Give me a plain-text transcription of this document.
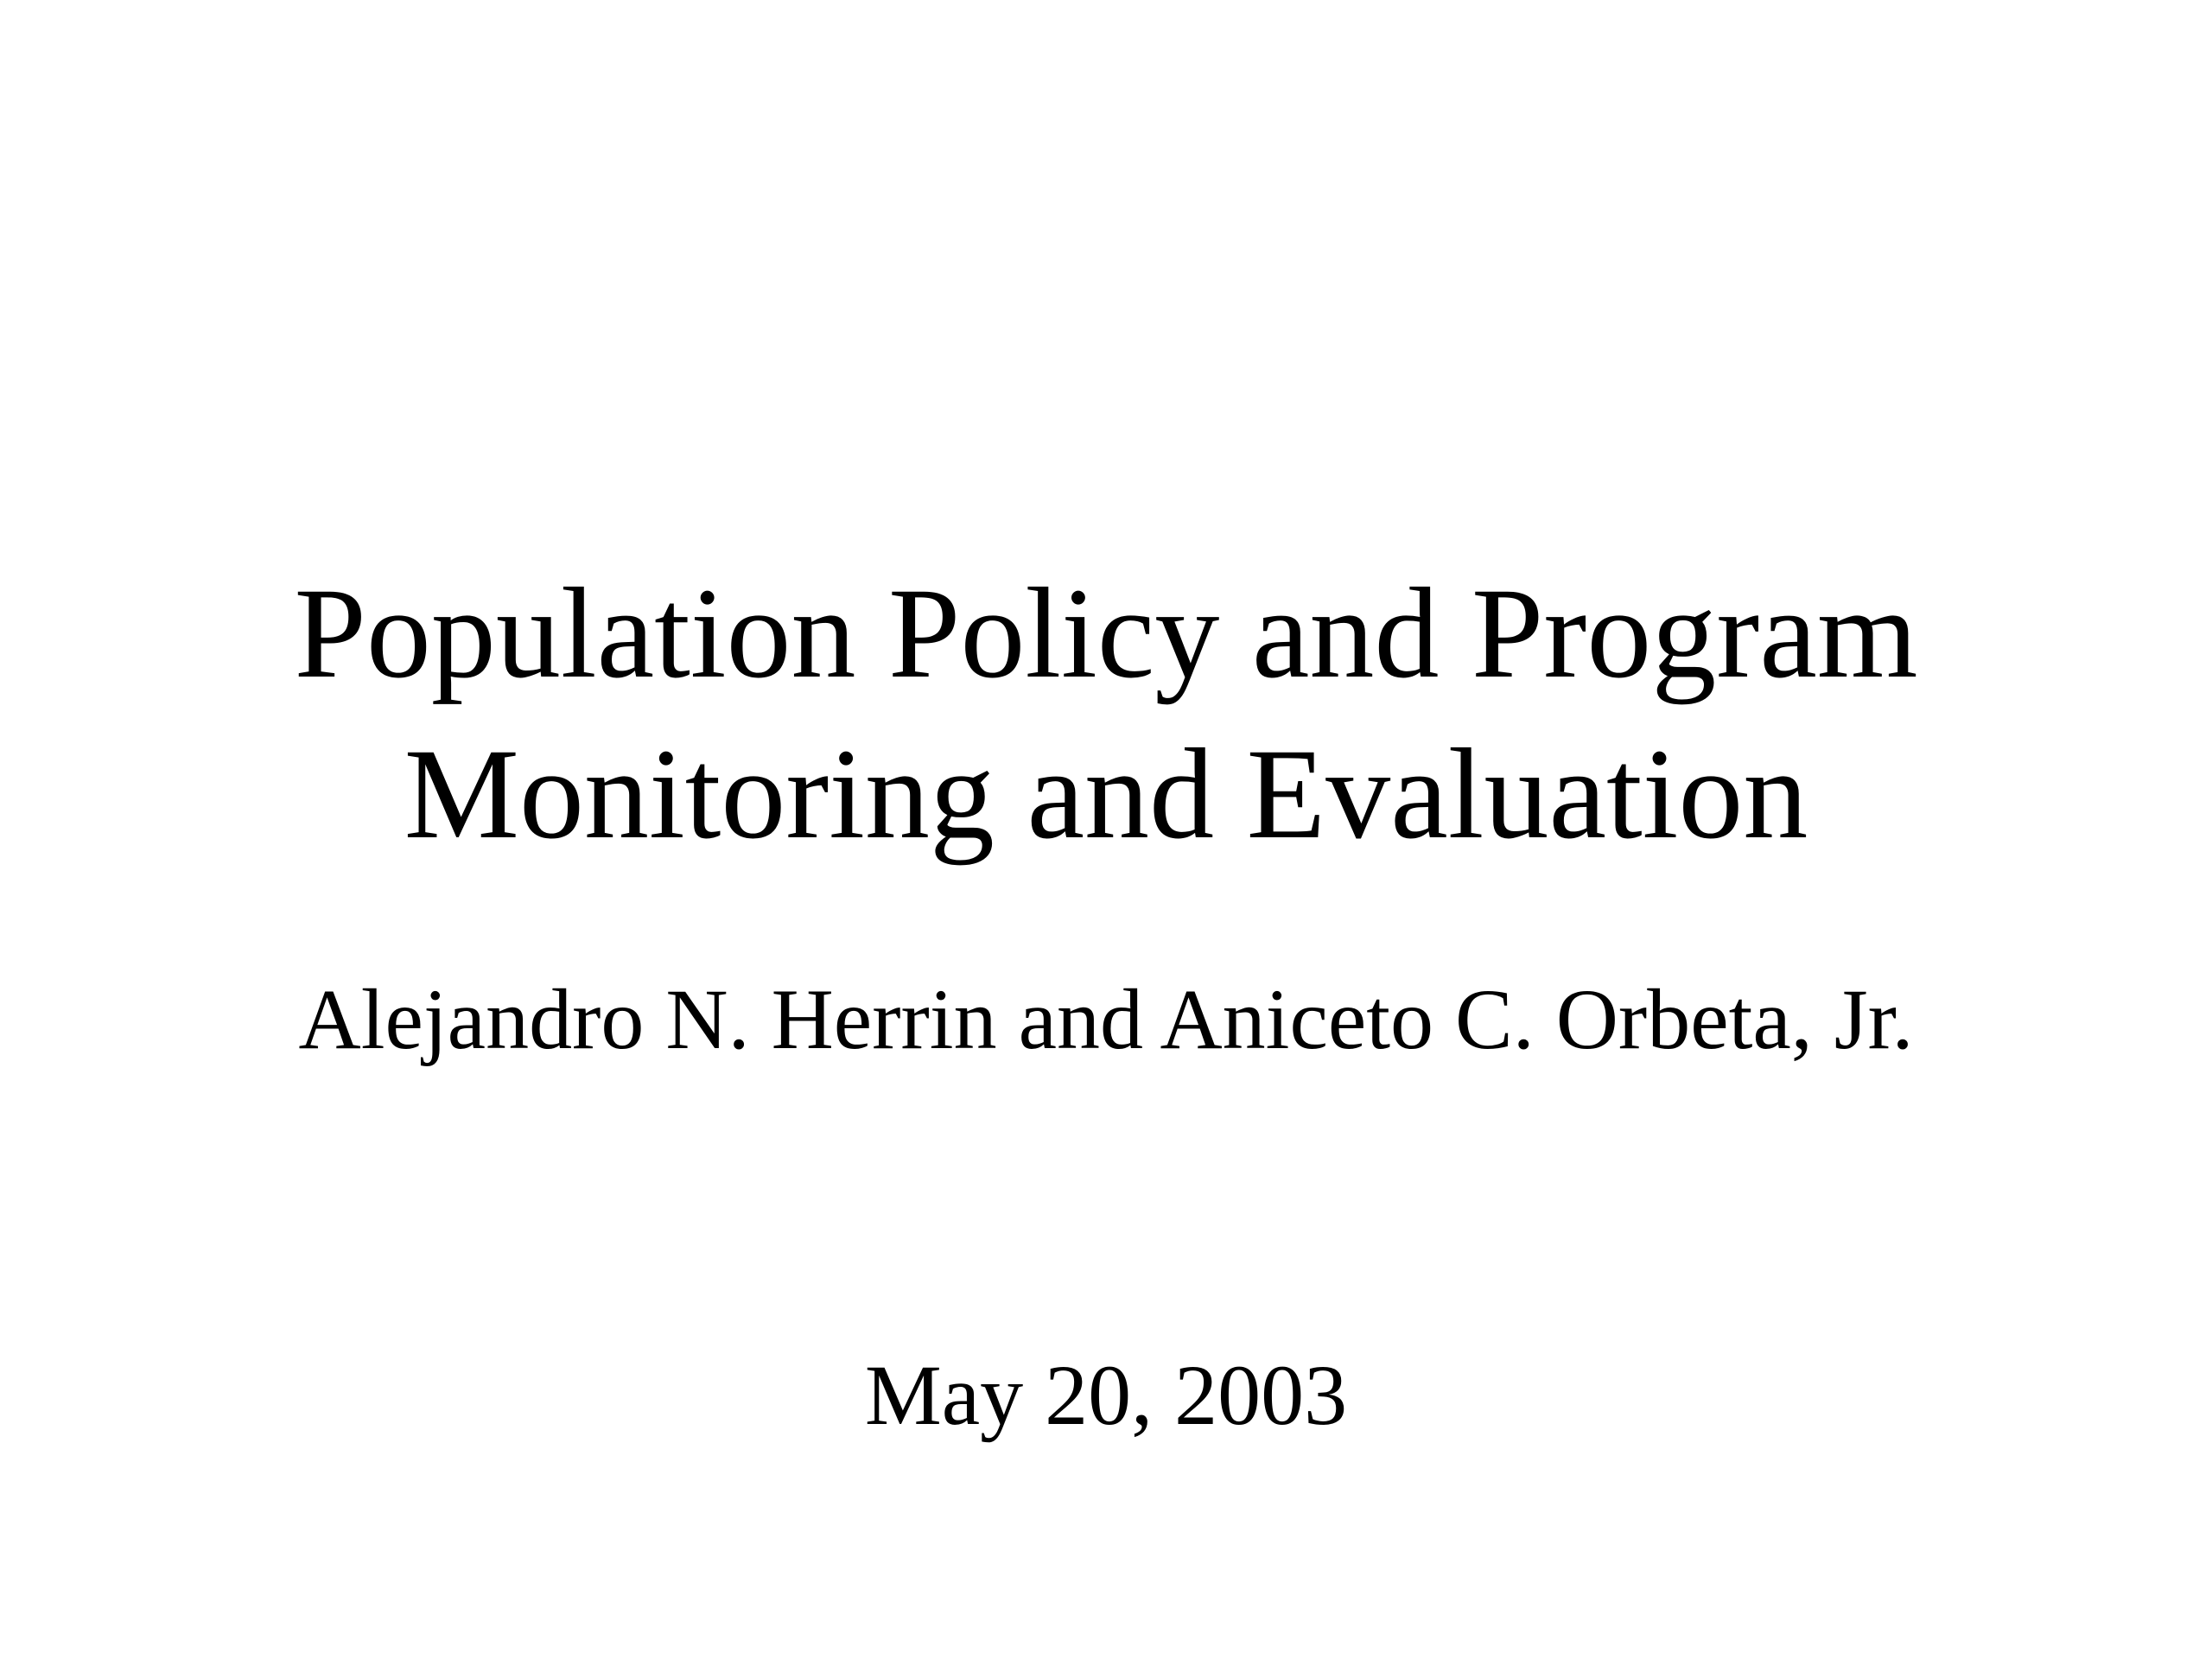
Population Policy and Program
Monitoring and Evaluation
Alejandro N. Herrin and Aniceto C. Orbeta, Jr.
May 20, 2003
